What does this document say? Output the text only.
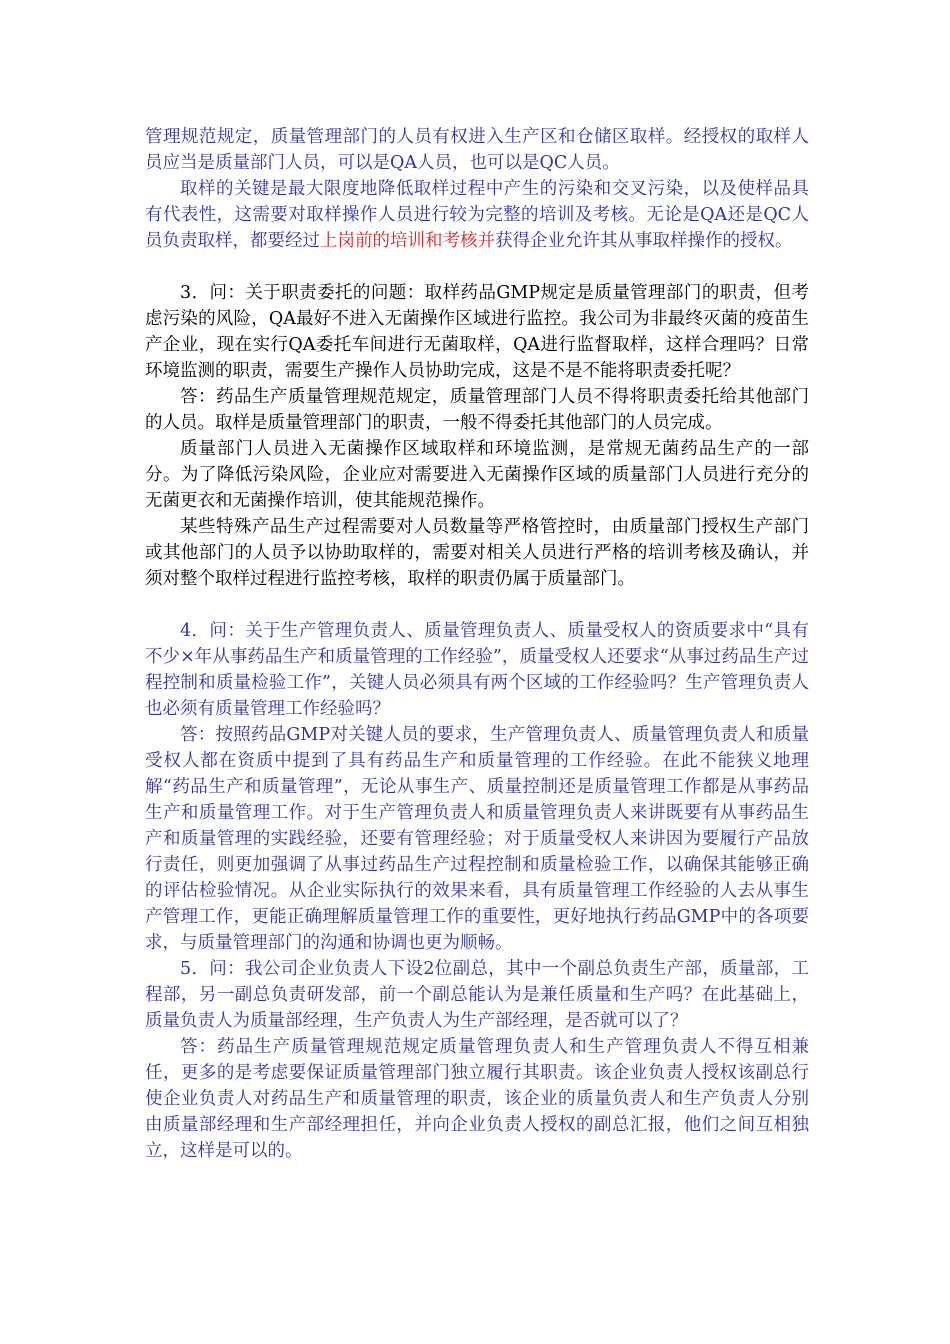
管理规范规定，质量管理部门的人员有权进入生产区和仓储区取样。经授权的取样人员应当是质量部门人员，可以是QA人员，也可以是QC人员。

取样的关键是最大限度地降低取样过程中产生的污染和交叉污染，以及使样品具有代表性，这需要对取样操作人员进行较为完整的培训及考核。无论是QA还是QC人员负责取样，都要经过上岗前的培训和考核并获得企业允许其从事取样操作的授权。

3．问：关于职责委托的问题：取样药品GMP规定是质量管理部门的职责，但考虑污染的风险，QA最好不进入无菌操作区域进行监控。我公司为非最终灭菌的疫苗生产企业，现在实行QA委托车间进行无菌取样，QA进行监督取样，这样合理吗？日常环境监测的职责，需要生产操作人员协助完成，这是不是不能将职责委托呢？

答：药品生产质量管理规范规定，质量管理部门人员不得将职责委托给其他部门的人员。取样是质量管理部门的职责，一般不得委托其他部门的人员完成。

质量部门人员进入无菌操作区域取样和环境监测，是常规无菌药品生产的一部分。为了降低污染风险，企业应对需要进入无菌操作区域的质量部门人员进行充分的无菌更衣和无菌操作培训，使其能规范操作。

某些特殊产品生产过程需要对人员数量等严格管控时，由质量部门授权生产部门或其他部门的人员予以协助取样的，需要对相关人员进行严格的培训考核及确认，并须对整个取样过程进行监控考核，取样的职责仍属于质量部门。

4．问：关于生产管理负责人、质量管理负责人、质量受权人的资质要求中“具有不少×年从事药品生产和质量管理的工作经验”，质量受权人还要求“从事过药品生产过程控制和质量检验工作”，关键人员必须具有两个区域的工作经验吗？生产管理负责人也必须有质量管理工作经验吗？

答：按照药品GMP对关键人员的要求，生产管理负责人、质量管理负责人和质量受权人都在资质中提到了具有药品生产和质量管理的工作经验。在此不能狭义地理解“药品生产和质量管理”，无论从事生产、质量控制还是质量管理工作都是从事药品生产和质量管理工作。对于生产管理负责人和质量管理负责人来讲既要有从事药品生产和质量管理的实践经验，还要有管理经验；对于质量受权人来讲因为要履行产品放行责任，则更加强调了从事过药品生产过程控制和质量检验工作，以确保其能够正确的评估检验情况。从企业实际执行的效果来看，具有质量管理工作经验的人去从事生产管理工作，更能正确理解质量管理工作的重要性，更好地执行药品GMP中的各项要求，与质量管理部门的沟通和协调也更为顺畅。

5．问：我公司企业负责人下设2位副总，其中一个副总负责生产部，质量部，工程部，另一副总负责研发部，前一个副总能认为是兼任质量和生产吗？在此基础上，质量负责人为质量部经理，生产负责人为生产部经理，是否就可以了？

答：药品生产质量管理规范规定质量管理负责人和生产管理负责人不得互相兼任，更多的是考虑要保证质量管理部门独立履行其职责。该企业负责人授权该副总行使企业负责人对药品生产和质量管理的职责，该企业的质量负责人和生产负责人分别由质量部经理和生产部经理担任，并向企业负责人授权的副总汇报，他们之间互相独立，这样是可以的。
